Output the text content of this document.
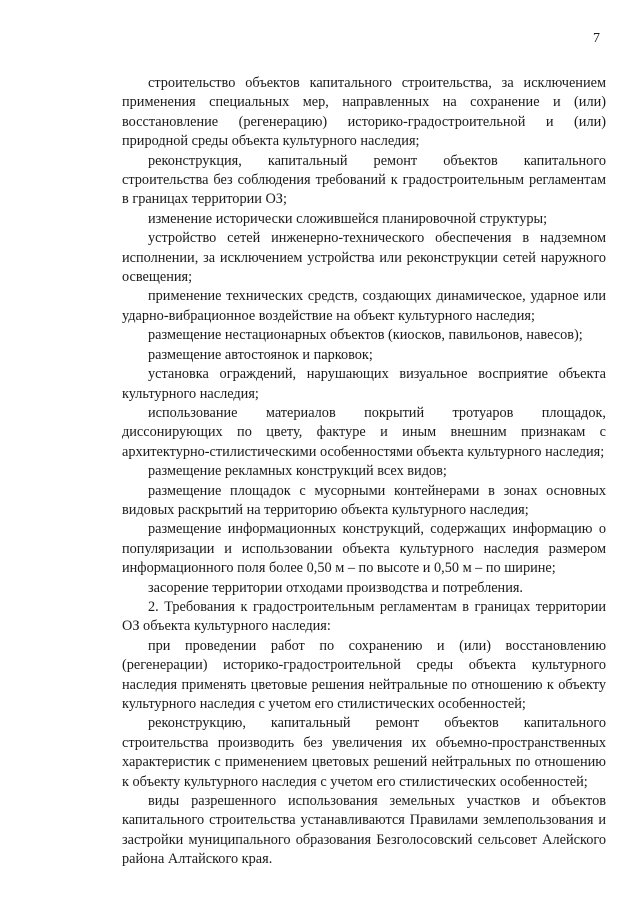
7

строительство объектов капитального строительства, за исключением применения специальных мер, направленных на сохранение и (или) восстановление (регенерацию) историко-градостроительной и (или) природной среды объекта культурного наследия;

реконструкция, капитальный ремонт объектов капитального строительства без соблюдения требований к градостроительным регламентам в границах территории ОЗ;

изменение исторически сложившейся планировочной структуры;

устройство сетей инженерно-технического обеспечения в надземном исполнении, за исключением устройства или реконструкции сетей наружного освещения;

применение технических средств, создающих динамическое, ударное или ударно-вибрационное воздействие на объект культурного наследия;

размещение нестационарных объектов (киосков, павильонов, навесов);

размещение автостоянок и парковок;

установка ограждений, нарушающих визуальное восприятие объекта культурного наследия;

использование материалов покрытий тротуаров площадок, диссонирующих по цвету, фактуре и иным внешним признакам с архитектурно-стилистическими особенностями объекта культурного наследия;

размещение рекламных конструкций всех видов;

размещение площадок с мусорными контейнерами в зонах основных видовых раскрытий на территорию объекта культурного наследия;

размещение информационных конструкций, содержащих информацию о популяризации и использовании объекта культурного наследия размером информационного поля более 0,50 м – по высоте и 0,50 м – по ширине;

засорение территории отходами производства и потребления.

2. Требования к градостроительным регламентам в границах территории ОЗ объекта культурного наследия:

при проведении работ по сохранению и (или) восстановлению (регенерации) историко-градостроительной среды объекта культурного наследия применять цветовые решения нейтральные по отношению к объекту культурного наследия с учетом его стилистических особенностей;

реконструкцию, капитальный ремонт объектов капитального строительства производить без увеличения их объемно-пространственных характеристик с применением цветовых решений нейтральных по отношению к объекту культурного наследия с учетом его стилистических особенностей;

виды разрешенного использования земельных участков и объектов капитального строительства устанавливаются Правилами землепользования и застройки муниципального образования Безголосовский сельсовет Алейского района Алтайского края.
